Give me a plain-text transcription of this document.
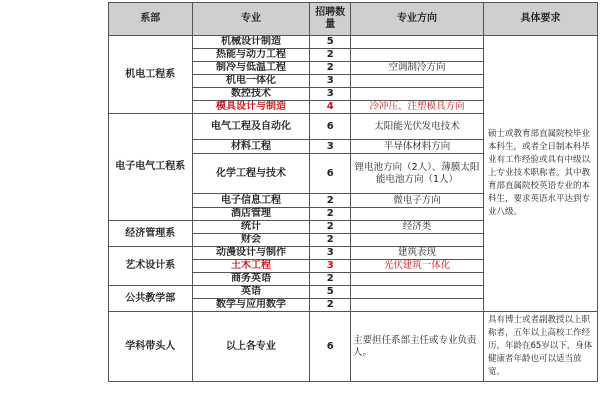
系部	专业	招聘数量	专业方向	具体要求
机电工程系	机械设计制造	5		硕士或教育部直属院校毕业本科生，或者全日制本科毕业有工作经验或具有中级以上专业技术职称者。其中教育部直属院校英语专业的本科生，要求英语水平达到专业八级。
	热能与动力工程	2		
	制冷与低温工程	2	空调制冷方向	
	机电一体化	3		
	数控技术	3		
	模具设计与制造	4	冷冲压、注塑模具方向	
电子电气工程系	电气工程及自动化	6	太阳能光伏发电技术	
	材料工程	3	半导体材料方向	
	化学工程与技术	6	锂电池方向（2人）、薄膜太阳能电池方向（1人）	
	电子信息工程	2	微电子方向	
	酒店管理	2		
经济管理系	统计	2	经济类	
	财会	2		
艺术设计系	动漫设计与制作	3	建筑表现	
	土木工程	3	光伏建筑一体化	
	商务英语	2		
公共教学部	英语	5		
	数学与应用数学	2		
学科带头人	以上各专业	6	主要担任系部主任或专业负责人。	具有博士或者副教授以上职称者，五年以上高校工作经历，年龄在65岁以下，身体健康者年龄也可以适当放宽。
